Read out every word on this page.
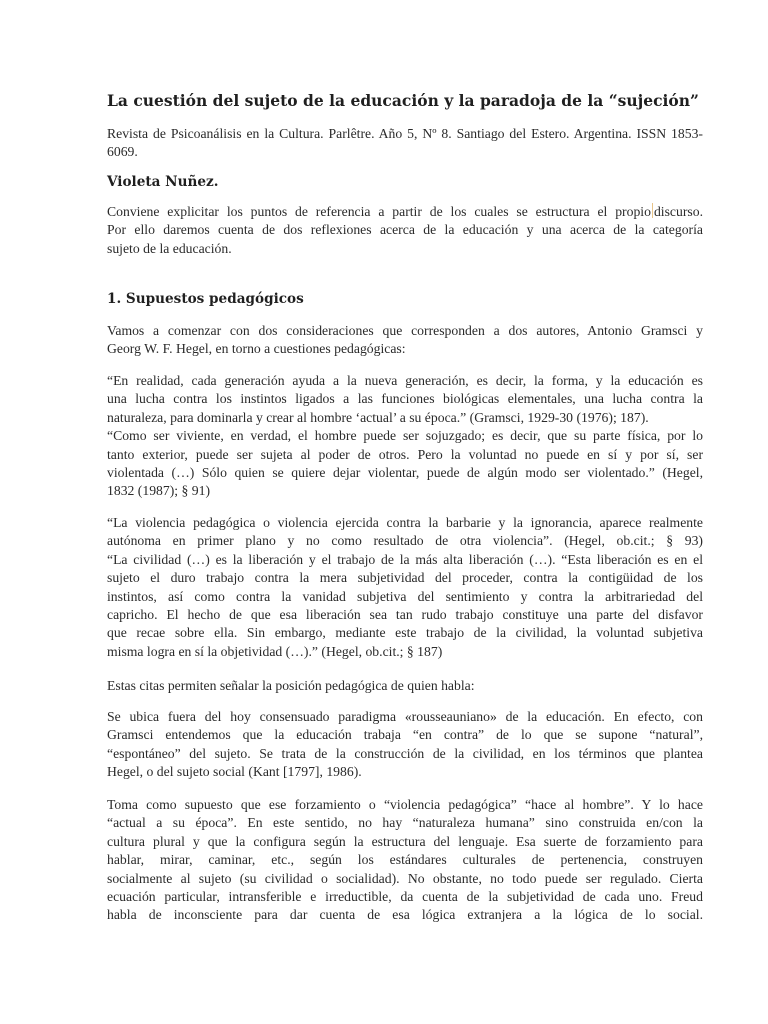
La cuestión del sujeto de la educación y la paradoja de la “sujeción”
Revista de Psicoanálisis en la Cultura. Parlêtre. Año 5, Nº 8. Santiago del Estero. Argentina. ISSN 1853-
6069.
Violeta Nuñez.
Conviene explicitar los puntos de referencia a partir de los cuales se estructura el propio discurso.
Por ello daremos cuenta de dos reflexiones acerca de la educación y una acerca de la categoría
sujeto de la educación.
1. Supuestos pedagógicos
Vamos a comenzar con dos consideraciones que corresponden a dos autores, Antonio Gramsci y
Georg W. F. Hegel, en torno a cuestiones pedagógicas:
“En realidad, cada generación ayuda a la nueva generación, es decir, la forma, y la educación es
una lucha contra los instintos ligados a las funciones biológicas elementales, una lucha contra la
naturaleza, para dominarla y crear al hombre ‘actual’ a su época.” (Gramsci, 1929-30 (1976); 187).
“Como ser viviente, en verdad, el hombre puede ser sojuzgado; es decir, que su parte física, por lo
tanto exterior, puede ser sujeta al poder de otros. Pero la voluntad no puede en sí y por sí, ser
violentada (…) Sólo quien se quiere dejar violentar, puede de algún modo ser violentado.” (Hegel,
1832 (1987); § 91)
“La violencia pedagógica o violencia ejercida contra la barbarie y la ignorancia, aparece realmente
autónoma en primer plano y no como resultado de otra violencia”. (Hegel, ob.cit.; § 93)
“La civilidad (…) es la liberación y el trabajo de la más alta liberación (…). “Esta liberación es en el
sujeto el duro trabajo contra la mera subjetividad del proceder, contra la contigüidad de los
instintos, así como contra la vanidad subjetiva del sentimiento y contra la arbitrariedad del
capricho. El hecho de que esa liberación sea tan rudo trabajo constituye una parte del disfavor
que recae sobre ella. Sin embargo, mediante este trabajo de la civilidad, la voluntad subjetiva
misma logra en sí la objetividad (…).” (Hegel, ob.cit.; § 187)
Estas citas permiten señalar la posición pedagógica de quien habla:
Se ubica fuera del hoy consensuado paradigma «rousseauniano» de la educación. En efecto, con
Gramsci entendemos que la educación trabaja “en contra” de lo que se supone “natural”,
“espontáneo” del sujeto. Se trata de la construcción de la civilidad, en los términos que plantea
Hegel, o del sujeto social (Kant [1797], 1986).
Toma como supuesto que ese forzamiento o “violencia pedagógica” “hace al hombre”. Y lo hace
“actual a su época”. En este sentido, no hay “naturaleza humana” sino construida en/con la
cultura plural y que la configura según la estructura del lenguaje. Esa suerte de forzamiento para
hablar, mirar, caminar, etc., según los estándares culturales de pertenencia, construyen
socialmente al sujeto (su civilidad o socialidad). No obstante, no todo puede ser regulado. Cierta
ecuación particular, intransferible e irreductible, da cuenta de la subjetividad de cada uno. Freud
habla de inconsciente para dar cuenta de esa lógica extranjera a la lógica de lo social.
